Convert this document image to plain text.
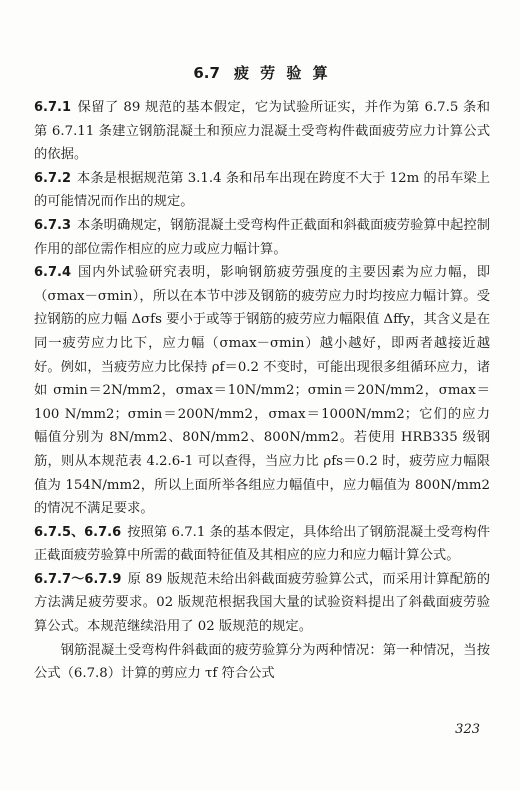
6.7 疲 劳 验 算

6.7.1 保留了 89 规范的基本假定，它为试验所证实，并作为第 6.7.5 条和第 6.7.11 条建立钢筋混凝土和预应力混凝土受弯构件截面疲劳应力计算公式的依据。

6.7.2 本条是根据规范第 3.1.4 条和吊车出现在跨度不大于 12m 的吊车梁上的可能情况而作出的规定。

6.7.3 本条明确规定，钢筋混凝土受弯构件正截面和斜截面疲劳验算中起控制作用的部位需作相应的应力或应力幅计算。

6.7.4 国内外试验研究表明，影响钢筋疲劳强度的主要因素为应力幅，即（σmax－σmin），所以在本节中涉及钢筋的疲劳应力时均按应力幅计算。受拉钢筋的应力幅 Δσfs 要小于或等于钢筋的疲劳应力幅限值 Δffy，其含义是在同一疲劳应力比下，应力幅（σmax－σmin）越小越好，即两者越接近越好。例如，当疲劳应力比保持 ρf＝0.2 不变时，可能出现很多组循环应力，诸如 σmin＝2N/mm2，σmax＝10N/mm2；σmin＝20N/mm2，σmax＝100 N/mm2；σmin＝200N/mm2，σmax＝1000N/mm2；它们的应力幅值分别为 8N/mm2、80N/mm2、800N/mm2。若使用 HRB335 级钢筋，则从本规范表 4.2.6-1 可以查得，当应力比 ρfs＝0.2 时，疲劳应力幅限值为 154N/mm2，所以上面所举各组应力幅值中，应力幅值为 800N/mm2 的情况不满足要求。

6.7.5、6.7.6 按照第 6.7.1 条的基本假定，具体给出了钢筋混凝土受弯构件正截面疲劳验算中所需的截面特征值及其相应的应力和应力幅计算公式。

6.7.7～6.7.9 原 89 版规范未给出斜截面疲劳验算公式，而采用计算配筋的方法满足疲劳要求。02 版规范根据我国大量的试验资料提出了斜截面疲劳验算公式。本规范继续沿用了 02 版规范的规定。

钢筋混凝土受弯构件斜截面的疲劳验算分为两种情况：第一种情况，当按公式（6.7.8）计算的剪应力 τf 符合公式

323
